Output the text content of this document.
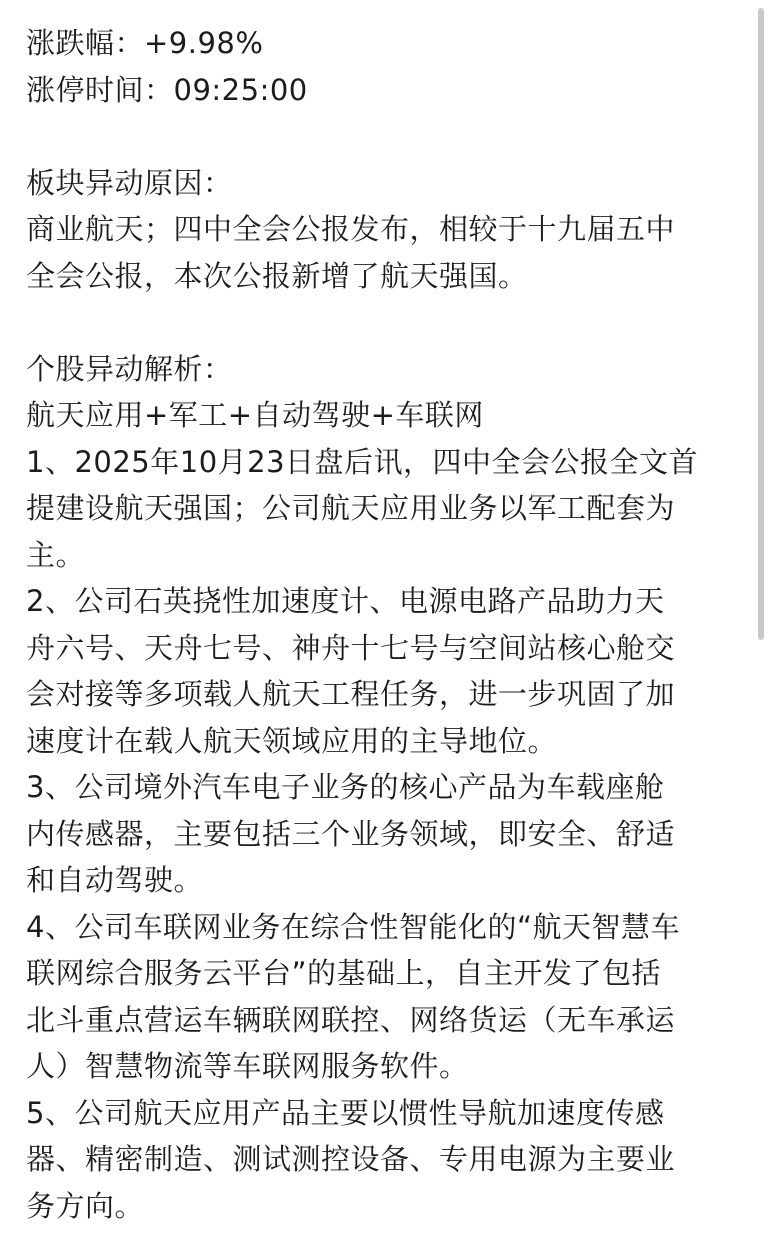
涨跌幅：+9.98%
涨停时间：09:25:00
板块异动原因：
商业航天；四中全会公报发布，相较于十九届五中
全会公报，本次公报新增了航天强国。
个股异动解析：
航天应用+军工+自动驾驶+车联网
1、2025年10月23日盘后讯，四中全会公报全文首
提建设航天强国；公司航天应用业务以军工配套为
主。
2、公司石英挠性加速度计、电源电路产品助力天
舟六号、天舟七号、神舟十七号与空间站核心舱交
会对接等多项载人航天工程任务，进一步巩固了加
速度计在载人航天领域应用的主导地位。
3、公司境外汽车电子业务的核心产品为车载座舱
内传感器，主要包括三个业务领域，即安全、舒适
和自动驾驶。
4、公司车联网业务在综合性智能化的“航天智慧车
联网综合服务云平台”的基础上，自主开发了包括
北斗重点营运车辆联网联控、网络货运（无车承运
人）智慧物流等车联网服务软件。
5、公司航天应用产品主要以惯性导航加速度传感
器、精密制造、测试测控设备、专用电源为主要业
务方向。
